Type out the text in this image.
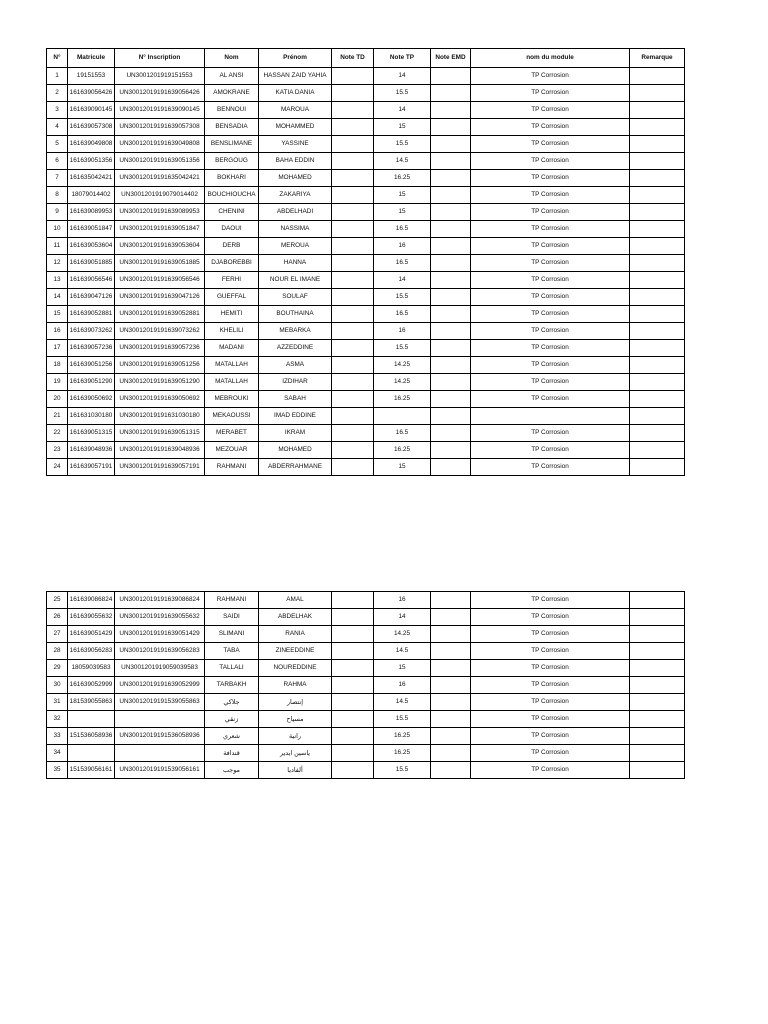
N°	Matricule	N° Inscription	Nom	Prénom	Note TD	Note TP	Note EMD	nom du module	Remarque
1	19151553	UN3001201919151553	AL ANSI	HASSAN ZAID YAHIA		14		TP Corrosion	
2	161639056426	UN30012019191639056426	AMOKRANE	KATIA DANIA		15.5		TP Corrosion	
3	161639090145	UN30012019191639090145	BENNOUI	MAROUA		14		TP Corrosion	
4	161639057308	UN30012019191639057308	BENSADIA	MOHAMMED		15		TP Corrosion	
5	161639049808	UN30012019191639049808	BENSLIMANE	YASSINE		15.5		TP Corrosion	
6	161639051356	UN30012019191639051356	BERGOUG	BAHA EDDIN		14.5		TP Corrosion	
7	161635042421	UN30012019191635042421	BOKHARI	MOHAMED		16.25		TP Corrosion	
8	18079014402	UN3001201919079014402	BOUCHIOUCHA	ZAKARIYA		15		TP Corrosion	
9	161639089953	UN30012019191639089953	CHENINI	ABDELHADI		15		TP Corrosion	
10	161639051847	UN30012019191639051847	DAOUI	NASSIMA		16.5		TP Corrosion	
11	161639053604	UN30012019191639053604	DERB	MEROUA		16		TP Corrosion	
12	161639051885	UN30012019191639051885	DJABOREBBI	HANNA		16.5		TP Corrosion	
13	161639056546	UN30012019191639056546	FERHI	NOUR EL IMANE		14		TP Corrosion	
14	161639047126	UN30012019191639047126	GUEFFAL	SOULAF		15.5		TP Corrosion	
15	161639052881	UN30012019191639052881	HEMITI	BOUTHAINA		16.5		TP Corrosion	
16	161639073262	UN30012019191639073262	KHELILI	MEBARKA		16		TP Corrosion	
17	161639057236	UN30012019191639057236	MADANI	AZZEDDINE		15.5		TP Corrosion	
18	161639051256	UN30012019191639051256	MATALLAH	ASMA		14.25		TP Corrosion	
19	161639051290	UN30012019191639051290	MATALLAH	IZDIHAR		14.25		TP Corrosion	
20	161639050692	UN30012019191639050692	MEBROUKI	SABAH		16.25		TP Corrosion	
21	161631030180	UN30012019191631030180	MEKAOUSSI	IMAD EDDINE					
22	161639051315	UN30012019191639051315	MERABET	IKRAM		16.5		TP Corrosion	
23	161639048936	UN30012019191639048936	MEZOUAR	MOHAMED		16.25		TP Corrosion	
24	161639057191	UN30012019191639057191	RAHMANI	ABDERRAHMANE		15		TP Corrosion	
25	161639086824	UN30012019191639086824	RAHMANI	AMAL		16		TP Corrosion	
26	161639055632	UN30012019191639055632	SAIDI	ABDELHAK		14		TP Corrosion	
27	161639051429	UN30012019191639051429	SLIMANI	RANIA		14.25		TP Corrosion	
28	161639056283	UN30012019191639056283	TABA	ZINEEDDINE		14.5		TP Corrosion	
29	18059039583	UN3001201919059039583	TALLALI	NOUREDDINE		15		TP Corrosion	
30	161639052999	UN30012019191639052999	TARBAKH	RAHMA		16		TP Corrosion	
31	181539055863	UN30012019191539055863	جلاكي	إنتصار		14.5		TP Corrosion	
32			زنقي	مسياح		15.5		TP Corrosion	
33	151536058936	UN30012019191536058936	شعري	رانية		16.25		TP Corrosion	
34			قندافة	ياسين ايدير		16.25		TP Corrosion	
35	151539056161	UN30012019191539056161	موجب	ألفاديا		15.5		TP Corrosion	
